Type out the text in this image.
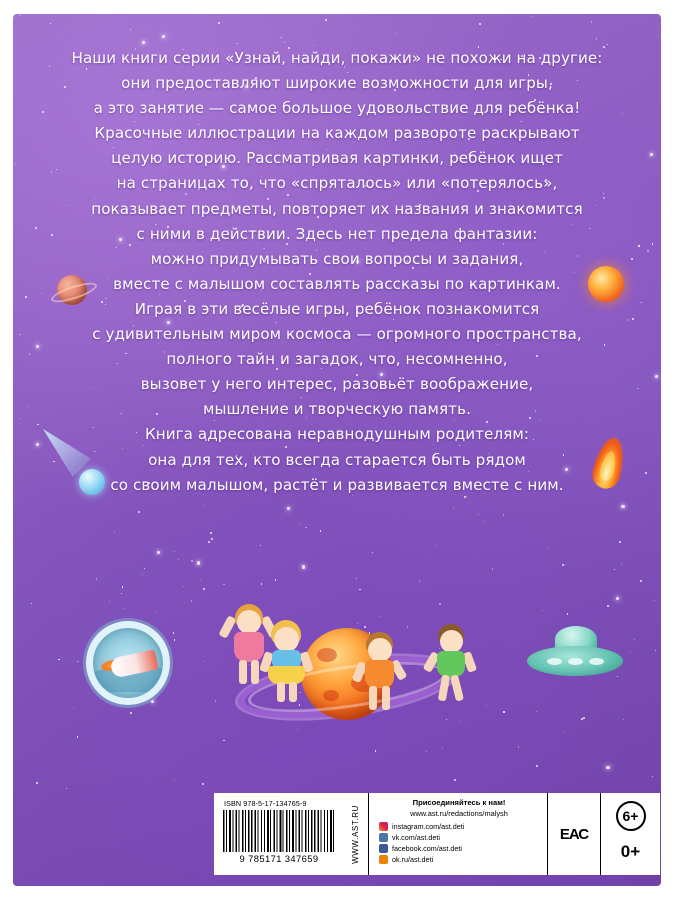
Наши книги серии «Узнай, найди, покажи» не похожи на другие:

они предоставляют широкие возможности для игры,

а это занятие — самое большое удовольствие для ребёнка!

Красочные иллюстрации на каждом развороте раскрывают

целую историю. Рассматривая картинки, ребёнок ищет

на страницах то, что «спряталось» или «потерялось»,

показывает предметы, повторяет их названия и знакомится

с ними в действии. Здесь нет предела фантазии:

можно придумывать свои вопросы и задания,

вместе с малышом составлять рассказы по картинкам.

Играя в эти весёлые игры, ребёнок познакомится

с удивительным миром космоса — огромного пространства,

полного тайн и загадок, что, несомненно,

вызовет у него интерес, разовьёт воображение,

мышление и творческую память.

Книга адресована неравнодушным родителям:

она для тех, кто всегда старается быть рядом

со своим малышом, растёт и развивается вместе с ним.

ISBN 978-5-17-134765-9
9 785171 347659	WWW.AST.RU
Присоединяйтесь к нам!
www.ast.ru/redactions/malysh
instagram.com/ast.deti
vk.com/ast.deti
facebook.com/ast.deti
ok.ru/ast.deti
ЕАС
6+
0+
